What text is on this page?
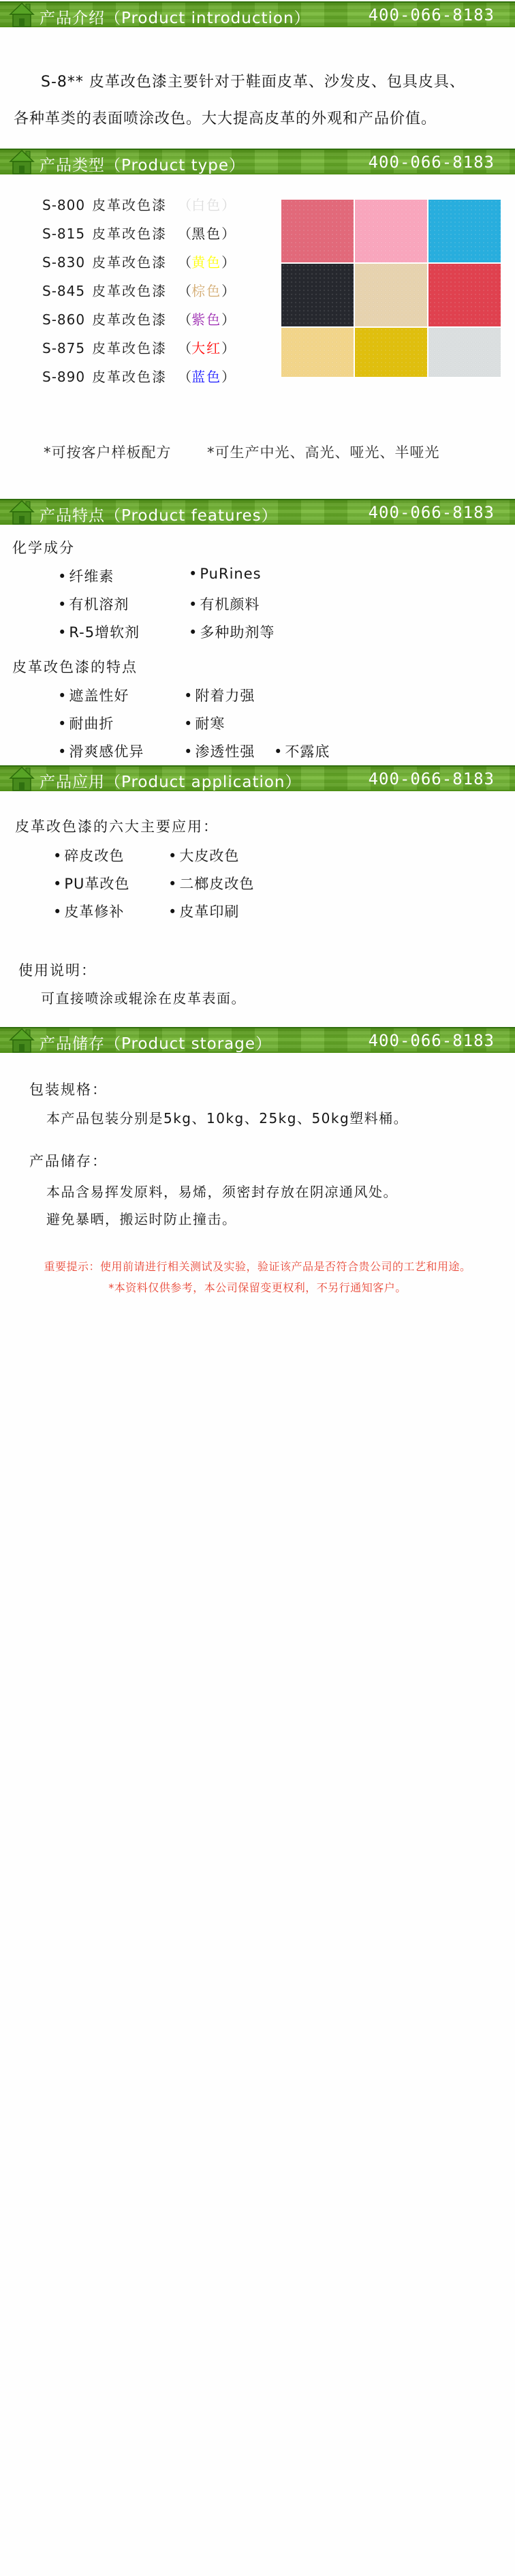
产品介绍（Product introduction）	400-066-8183
S-8** 皮革改色漆主要针对于鞋面皮革、沙发皮、包具皮具、
各种革类的表面喷涂改色。大大提高皮革的外观和产品价值。
产品类型（Product type）	400-066-8183
S-800 皮革改色漆 （白色）
S-815 皮革改色漆 （黑色）
S-830 皮革改色漆 （黄色）
S-845 皮革改色漆 （棕色）
S-860 皮革改色漆 （紫色）
S-875 皮革改色漆 （大红）
S-890 皮革改色漆 （蓝色）
*可按客户样板配方	*可生产中光、高光、哑光、半哑光
产品特点（Product features）	400-066-8183
化学成分
• 纤维素	• PuRines
• 有机溶剂	• 有机颜料
• R-5增软剂	• 多种助剂等
皮革改色漆的特点
• 遮盖性好	• 附着力强
• 耐曲折	• 耐寒
• 滑爽感优异	• 渗透性强	• 不露底
产品应用（Product application）	400-066-8183
皮革改色漆的六大主要应用：
• 碎皮改色	• 大皮改色
• PU革改色	• 二榔皮改色
• 皮革修补	• 皮革印刷
使用说明：
可直接喷涂或辊涂在皮革表面。
产品储存（Product storage）	400-066-8183
包装规格：
本产品包装分别是5kg、10kg、25kg、50kg塑料桶。
产品储存：
本品含易挥发原料，易烯，须密封存放在阴凉通风处。
避免暴晒，搬运时防止撞击。
重要提示：使用前请进行相关测试及实验，验证该产品是否符合贵公司的工艺和用途。
*本资料仅供参考，本公司保留变更权利，不另行通知客户。
